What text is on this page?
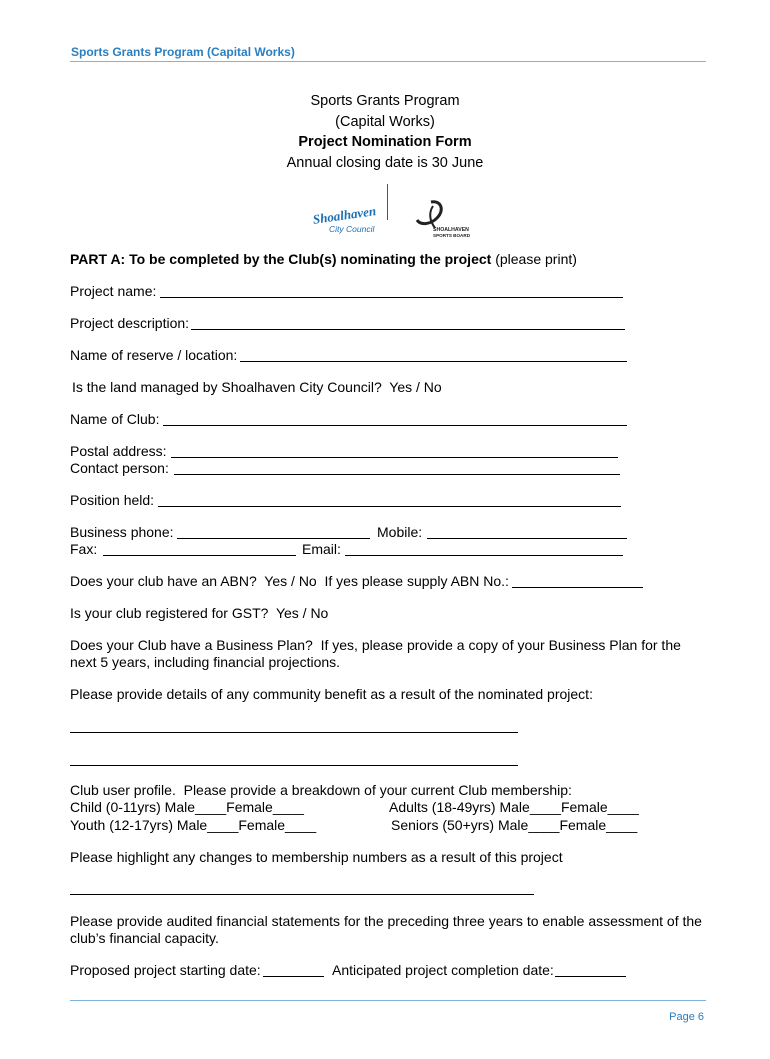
Sports Grants Program (Capital Works)
Sports Grants Program
(Capital Works)
Project Nomination Form
Annual closing date is 30 June

Shoalhaven
City Council

	SHOALHAVEN
SPORTS BOARD

PART A: To be completed by the Club(s) nominating the project (please print)
Project name:
Project description:
Name of reserve / location:
Is the land managed by Shoalhaven City Council?  Yes / No
Name of Club:
Postal address:
Contact person:
Position held:
Business phone:	Mobile:
Fax:	Email:
Does your club have an ABN?  Yes / No  If yes please supply ABN No.:
Is your club registered for GST?  Yes / No
Does your Club have a Business Plan?  If yes, please provide a copy of your Business Plan for the
next 5 years, including financial projections.
Please provide details of any community benefit as a result of the nominated project:
Club user profile.  Please provide a breakdown of your current Club membership:
Child (0-11yrs) Male____Female____	Adults (18-49yrs) Male____Female____
Youth (12-17yrs) Male____Female____	Seniors (50+yrs) Male____Female____
Please highlight any changes to membership numbers as a result of this project
Please provide audited financial statements for the preceding three years to enable assessment of the
club’s financial capacity.
Proposed project starting date:	Anticipated project completion date:
Page 6
